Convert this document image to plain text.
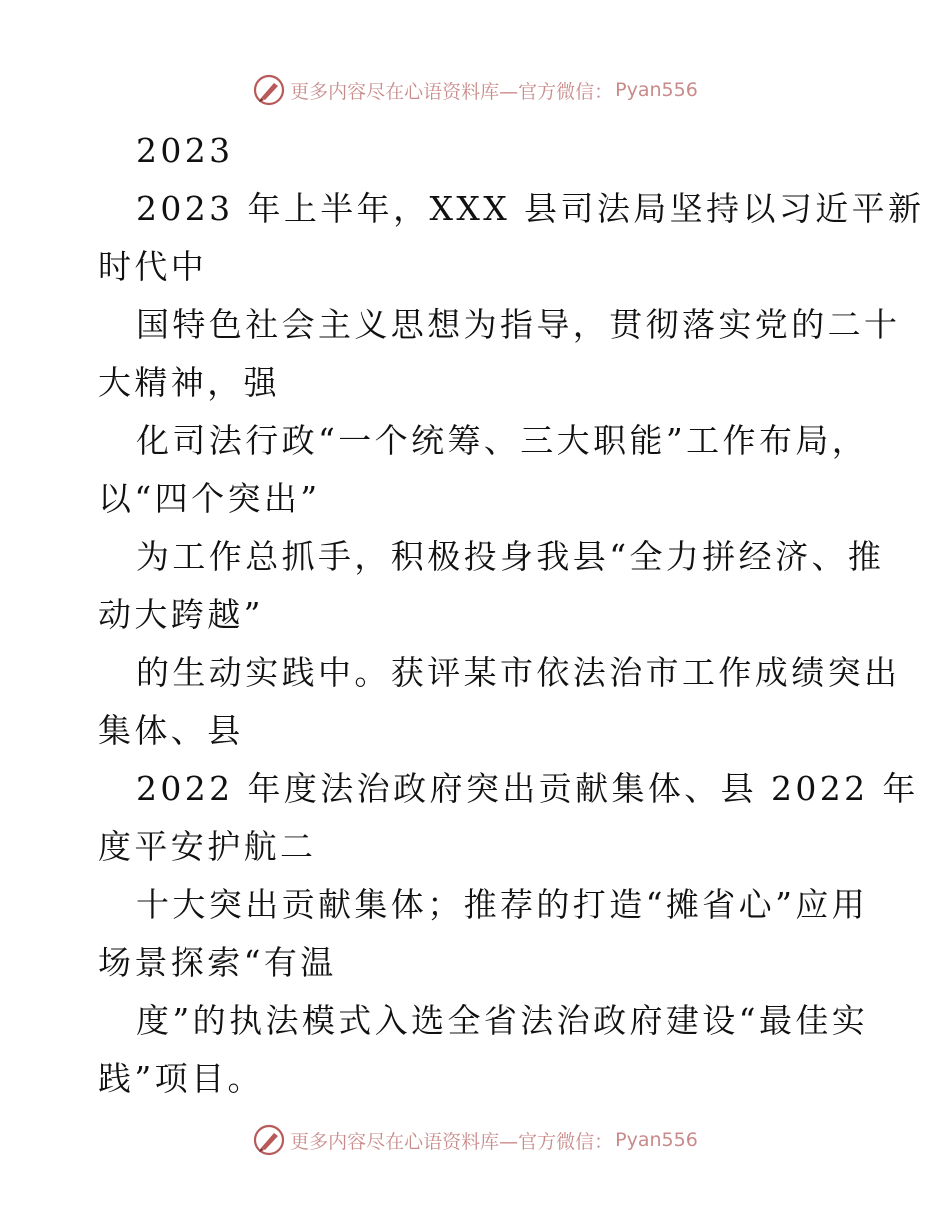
更多内容尽在心语资料库—官方微信： Pyan556
2023
2023 年上半年，XXX 县司法局坚持以习近平新
时代中
国特色社会主义思想为指导，贯彻落实党的二十
大精神，强
化司法行政“一个统筹、三大职能”工作布局，
以“四个突出”
为工作总抓手，积极投身我县“全力拼经济、推
动大跨越”
的生动实践中。获评某市依法治市工作成绩突出
集体、县
2022 年度法治政府突出贡献集体、县 2022 年
度平安护航二
十大突出贡献集体；推荐的打造“摊省心”应用
场景探索“有温
度”的执法模式入选全省法治政府建设“最佳实
践”项目。
更多内容尽在心语资料库—官方微信： Pyan556
